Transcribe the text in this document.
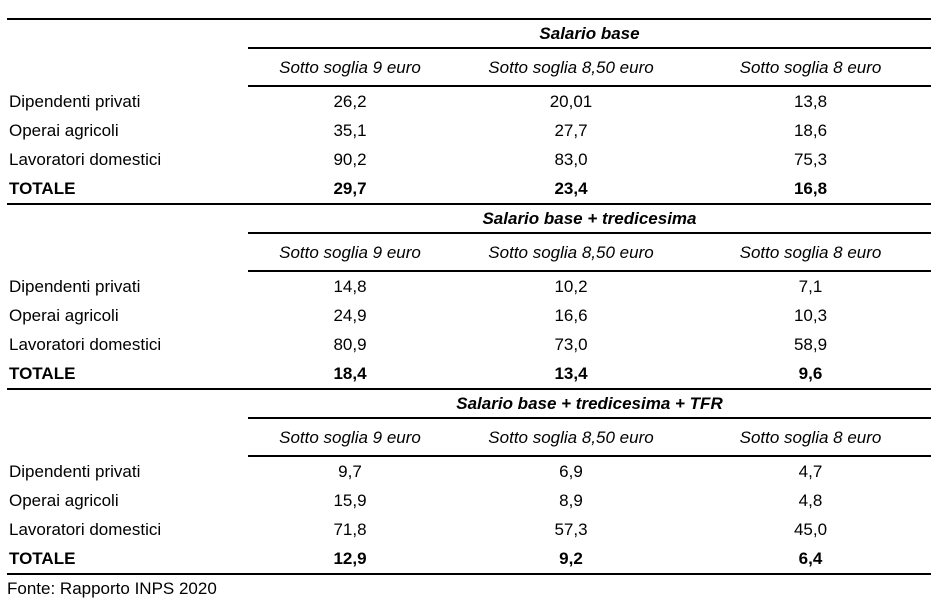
Salario base
Sotto soglia 9 euro	Sotto soglia 8,50 euro	Sotto soglia 8 euro
Dipendenti privati	26,2	20,01	13,8
Operai agricoli	35,1	27,7	18,6
Lavoratori domestici	90,2	83,0	75,3
TOTALE	29,7	23,4	16,8
Salario base + tredicesima
Sotto soglia 9 euro	Sotto soglia 8,50 euro	Sotto soglia 8 euro
Dipendenti privati	14,8	10,2	7,1
Operai agricoli	24,9	16,6	10,3
Lavoratori domestici	80,9	73,0	58,9
TOTALE	18,4	13,4	9,6
Salario base + tredicesima + TFR
Sotto soglia 9 euro	Sotto soglia 8,50 euro	Sotto soglia 8 euro
Dipendenti privati	9,7	6,9	4,7
Operai agricoli	15,9	8,9	4,8
Lavoratori domestici	71,8	57,3	45,0
TOTALE	12,9	9,2	6,4
Fonte: Rapporto INPS 2020
